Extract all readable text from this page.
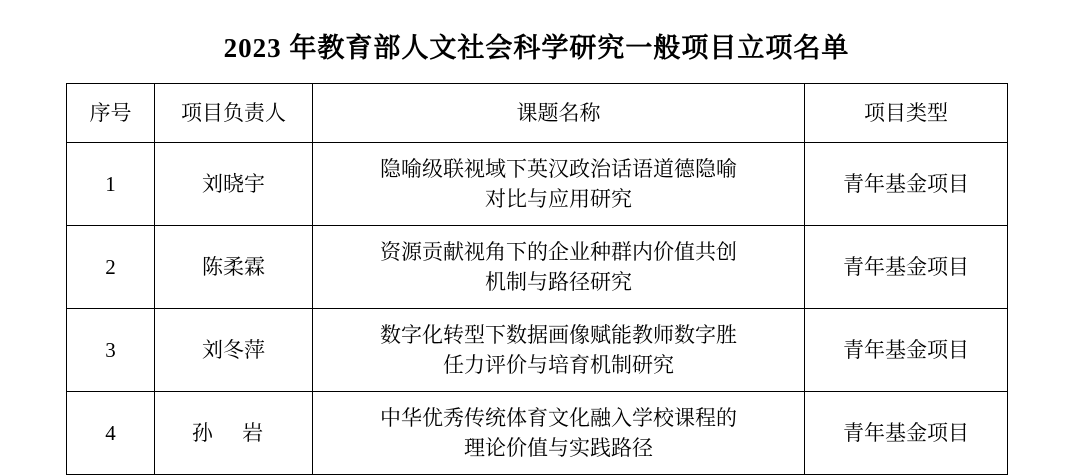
2023 年教育部人文社会科学研究一般项目立项名单
序号	项目负责人	课题名称	项目类型
1	刘晓宇	隐喻级联视域下英汉政治话语道德隐喻
对比与应用研究	青年基金项目
2	陈柔霖	资源贡献视角下的企业种群内价值共创
机制与路径研究	青年基金项目
3	刘冬萍	数字化转型下数据画像赋能教师数字胜
任力评价与培育机制研究	青年基金项目
4	孙 岩	中华优秀传统体育文化融入学校课程的
理论价值与实践路径	青年基金项目
